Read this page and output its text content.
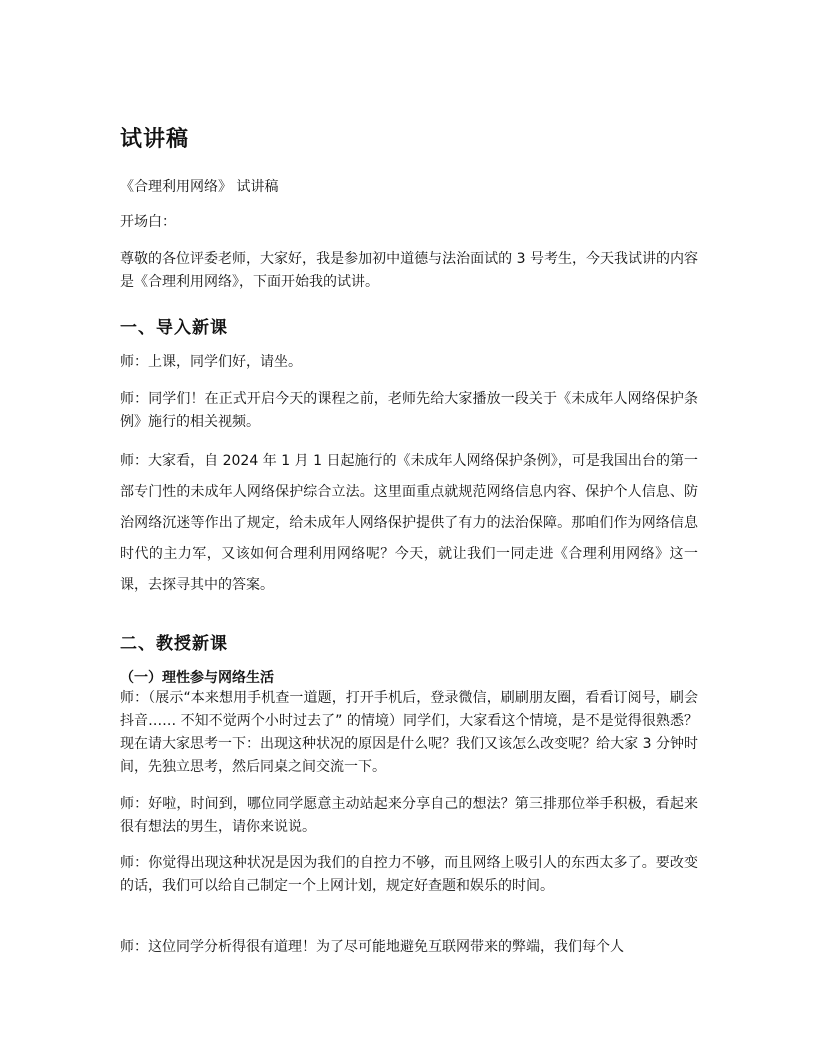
试讲稿

《合理利用网络》 试讲稿

开场白：

尊敬的各位评委老师，大家好，我是参加初中道德与法治面试的 3 号考生，今天我试讲的内容是《合理利用网络》，下面开始我的试讲。

一、导入新课

师：上课，同学们好，请坐。

师：同学们！在正式开启今天的课程之前，老师先给大家播放一段关于《未成年人网络保护条例》施行的相关视频。

师：大家看，自 2024 年 1 月 1 日起施行的《未成年人网络保护条例》，可是我国出台的第一部专门性的未成年人网络保护综合立法。这里面重点就规范网络信息内容、保护个人信息、防治网络沉迷等作出了规定，给未成年人网络保护提供了有力的法治保障。那咱们作为网络信息时代的主力军，又该如何合理利用网络呢？今天，就让我们一同走进《合理利用网络》这一课，去探寻其中的答案。

二、教授新课
（一）理性参与网络生活

师：（展示“本来想用手机查一道题，打开手机后，登录微信，刷刷朋友圈，看看订阅号，刷会抖音…… 不知不觉两个小时过去了” 的情境）同学们，大家看这个情境，是不是觉得很熟悉？现在请大家思考一下：出现这种状况的原因是什么呢？我们又该怎么改变呢？给大家 3 分钟时间，先独立思考，然后同桌之间交流一下。

师：好啦，时间到，哪位同学愿意主动站起来分享自己的想法？第三排那位举手积极，看起来很有想法的男生，请你来说说。

师：你觉得出现这种状况是因为我们的自控力不够，而且网络上吸引人的东西太多了。要改变的话，我们可以给自己制定一个上网计划，规定好查题和娱乐的时间。

师：这位同学分析得很有道理！为了尽可能地避免互联网带来的弊端，我们每个人
